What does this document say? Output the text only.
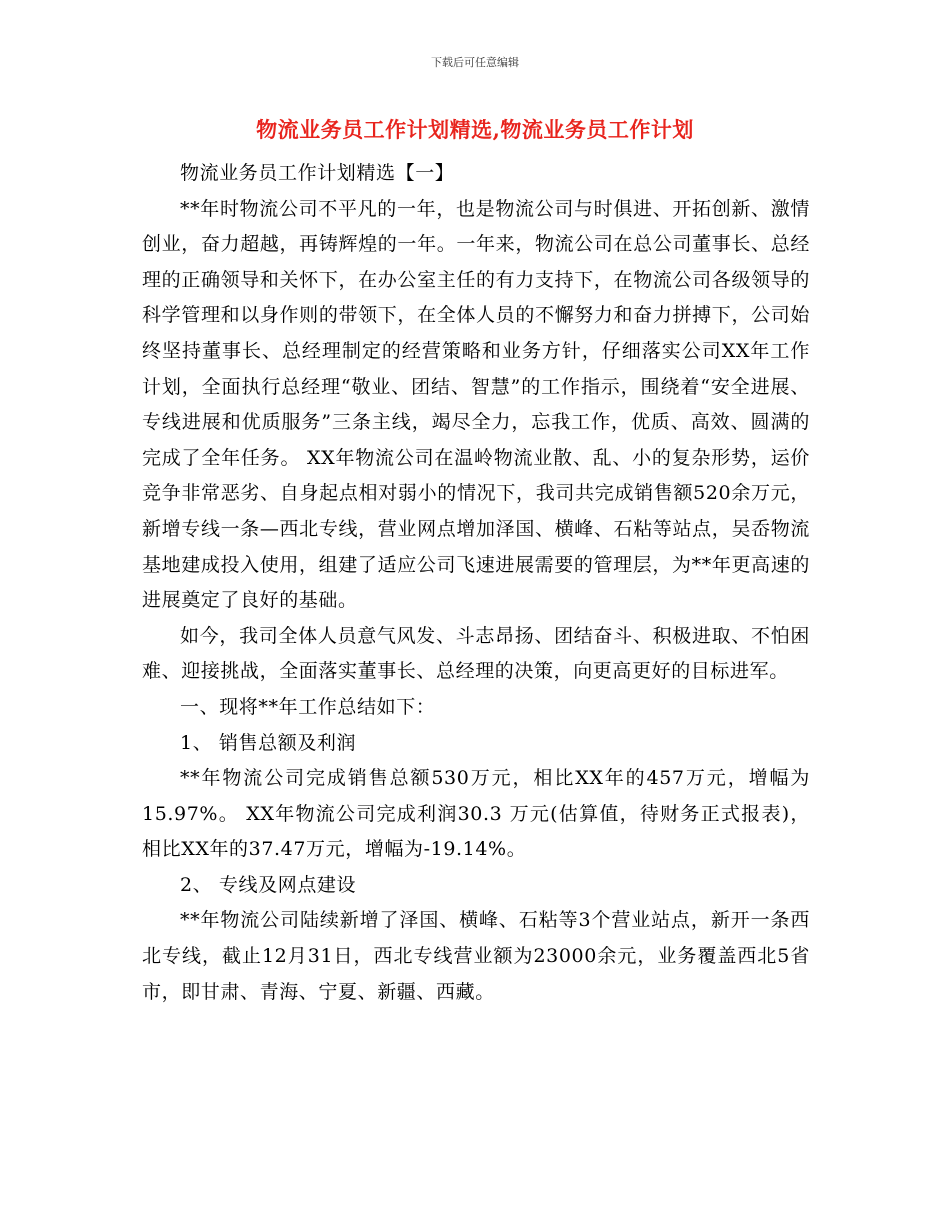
下载后可任意编辑
物流业务员工作计划精选,物流业务员工作计划

物流业务员工作计划精选【一】

**年时物流公司不平凡的一年，也是物流公司与时俱进、开拓创新、激情创业，奋力超越，再铸辉煌的一年。一年来，物流公司在总公司董事长、总经理的正确领导和关怀下，在办公室主任的有力支持下，在物流公司各级领导的科学管理和以身作则的带领下，在全体人员的不懈努力和奋力拼搏下，公司始终坚持董事长、总经理制定的经营策略和业务方针，仔细落实公司XX年工作计划，全面执行总经理“敬业、团结、智慧”的工作指示，围绕着“安全进展、专线进展和优质服务”三条主线，竭尽全力，忘我工作，优质、高效、圆满的完成了全年任务。 XX年物流公司在温岭物流业散、乱、小的复杂形势，运价竞争非常恶劣、自身起点相对弱小的情况下，我司共完成销售额520余万元，新增专线一条—西北专线，营业网点增加泽国、横峰、石粘等站点，吴岙物流基地建成投入使用，组建了适应公司飞速进展需要的管理层，为**年更高速的进展奠定了良好的基础。

如今，我司全体人员意气风发、斗志昂扬、团结奋斗、积极进取、不怕困难、迎接挑战，全面落实董事长、总经理的决策，向更高更好的目标进军。

一、现将**年工作总结如下：

1、 销售总额及利润

**年物流公司完成销售总额530万元，相比XX年的457万元，增幅为15.97%。 XX年物流公司完成利润30.3 万元(估算值，待财务正式报表)，相比XX年的37.47万元，增幅为-19.14%。

2、 专线及网点建设

**年物流公司陆续新增了泽国、横峰、石粘等3个营业站点，新开一条西北专线，截止12月31日，西北专线营业额为23000余元，业务覆盖西北5省市，即甘肃、青海、宁夏、新疆、西藏。
